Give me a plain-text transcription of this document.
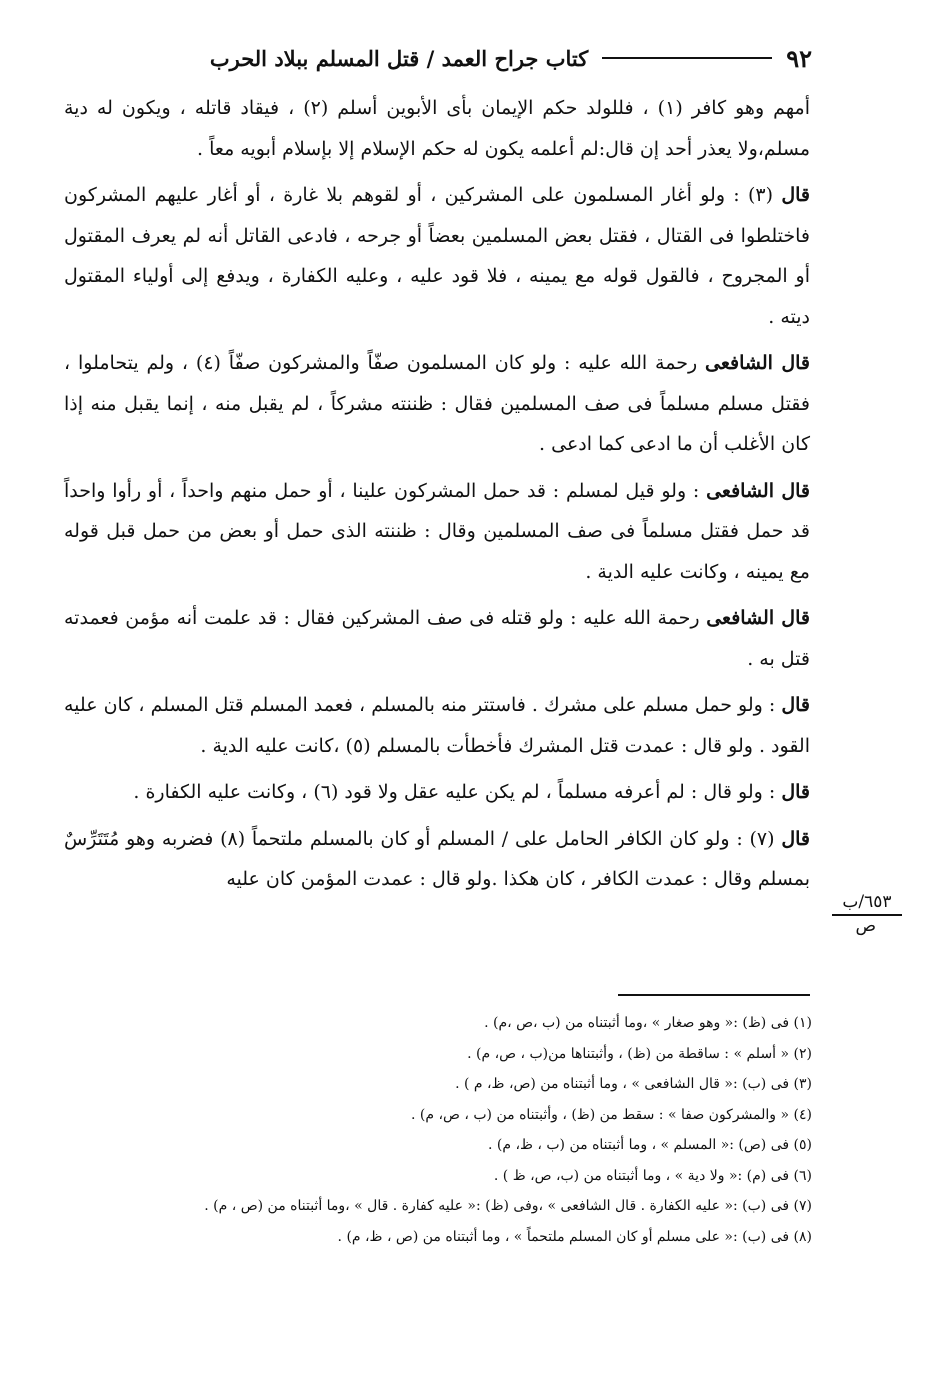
٩٢
كتاب جراح العمد / قتل المسلم ببلاد الحرب

أمهم وهو كافر (١) ، فللولد حكم الإيمان بأى الأبوين أسلم (٢) ، فيقاد قاتله ، ويكون له دية مسلم،ولا يعذر أحد إن قال:لم أعلمه يكون له حكم الإسلام إلا بإسلام أبويه معاً .

قال (٣) : ولو أغار المسلمون على المشركين ، أو لقوهم بلا غارة ، أو أغار عليهم المشركون فاختلطوا فى القتال ، فقتل بعض المسلمين بعضاً أو جرحه ، فادعى القاتل أنه لم يعرف المقتول أو المجروح ، فالقول قوله مع يمينه ، فلا قود عليه ، وعليه الكفارة ، ويدفع إلى أولياء المقتول ديته .

قال الشافعى رحمة الله عليه : ولو كان المسلمون صفّاً والمشركون صفّاً (٤) ، ولم يتحاملوا ، فقتل مسلم مسلماً فى صف المسلمين فقال : ظننته مشركاً ، لم يقبل منه ، إنما يقبل منه إذا كان الأغلب أن ما ادعى كما ادعى .

قال الشافعى : ولو قيل لمسلم : قد حمل المشركون علينا ، أو حمل منهم واحداً ، أو رأوا واحداً قد حمل فقتل مسلماً فى صف المسلمين وقال : ظننته الذى حمل أو بعض من حمل قبل قوله مع يمينه ، وكانت عليه الدية .

قال الشافعى رحمة الله عليه : ولو قتله فى صف المشركين فقال : قد علمت أنه مؤمن فعمدته قتل به .

قال : ولو حمل مسلم على مشرك . فاستتر منه بالمسلم ، فعمد المسلم قتل المسلم ، كان عليه القود . ولو قال : عمدت قتل المشرك فأخطأت بالمسلم (٥) ،كانت عليه الدية .

قال : ولو قال : لم أعرفه مسلماً ، لم يكن عليه عقل ولا قود (٦) ، وكانت عليه الكفارة .

قال (٧) : ولو كان الكافر الحامل على / المسلم أو كان بالمسلم ملتحماً (٨) فضربه وهو مُتَتَرِّسٌ بمسلم وقال : عمدت الكافر ، كان هكذا .ولو قال : عمدت المؤمن كان عليه

٦٥٣/ب
ص
(١) فى (ظ) :« وهو صغار » ،وما أثبتناه من (ب ،ص ،م) .
(٢) « أسلم » : ساقطة من (ظ) ، وأثبتناها من(ب ، ص، م) .
(٣) فى (ب) :« قال الشافعى » ، وما أثبتناه من (ص، ظ، م ) .
(٤) « والمشركون صفا » : سقط من (ظ) ، وأثبتناه من (ب ، ص، م) .
(٥) فى (ص) :« المسلم » ، وما أثبتناه من (ب ، ظ، م) .
(٦) فى (م) :« ولا دية » ، وما أثبتناه من (ب، ص، ظ ) .
(٧) فى (ب) :« عليه الكفارة . قال الشافعى » ،وفى (ظ) :« عليه كفارة . قال » ،وما أثبتناه من (ص ، م) .
(٨) فى (ب) :« على مسلم أو كان المسلم ملتحماً » ، وما أثبتناه من (ص ، ظ، م) .
